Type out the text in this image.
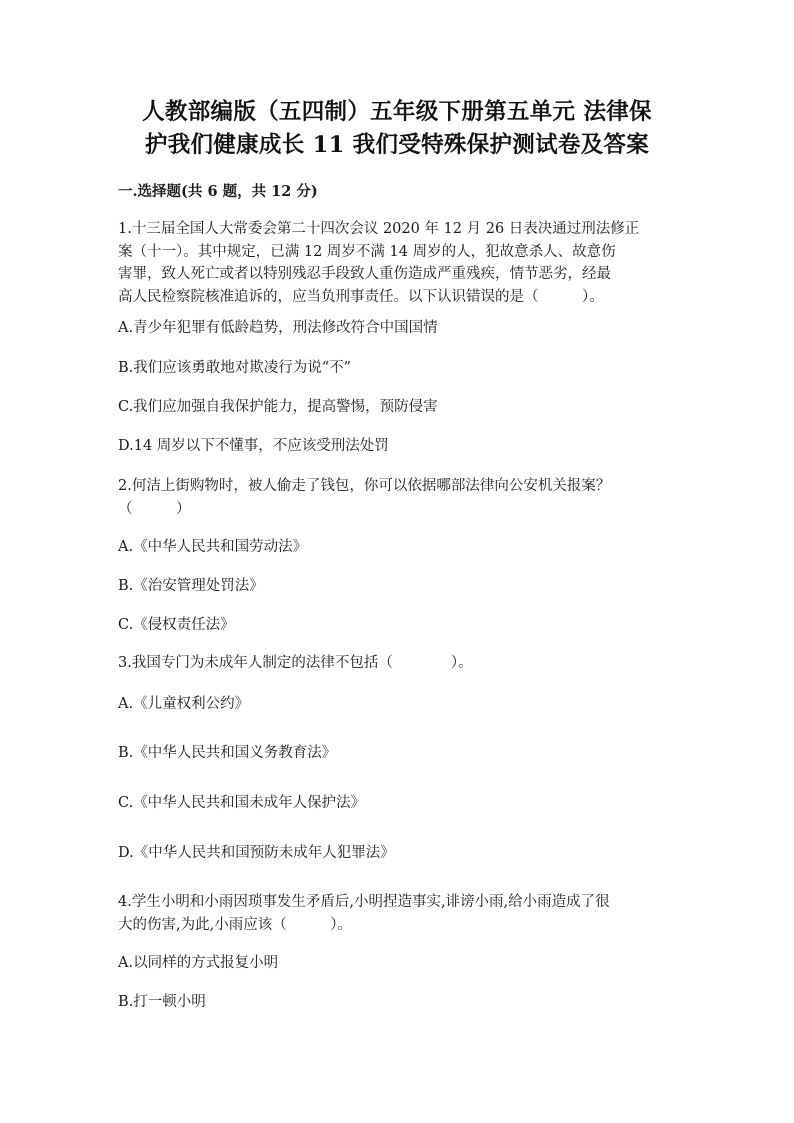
人教部编版（五四制）五年级下册第五单元 法律保
护我们健康成长 11 我们受特殊保护测试卷及答案
一.选择题(共 6 题，共 12 分)
1.十三届全国人大常委会第二十四次会议 2020 年 12 月 26 日表决通过刑法修正
案（十一）。其中规定，已满 12 周岁不满 14 周岁的人，犯故意杀人、故意伤
害罪，致人死亡或者以特别残忍手段致人重伤造成严重残疾，情节恶劣，经最
高人民检察院核准追诉的，应当负刑事责任。以下认识错误的是（　　　）。
A.青少年犯罪有低龄趋势，刑法修改符合中国国情
B.我们应该勇敢地对欺凌行为说“不”
C.我们应加强自我保护能力，提高警惕，预防侵害
D.14 周岁以下不懂事，不应该受刑法处罚
2.何洁上街购物时，被人偷走了钱包，你可以依据哪部法律向公安机关报案？
（　　　）
A.《中华人民共和国劳动法》
B.《治安管理处罚法》
C.《侵权责任法》
3.我国专门为未成年人制定的法律不包括（　　　　）。
A.《儿童权利公约》
B.《中华人民共和国义务教育法》
C.《中华人民共和国未成年人保护法》
D.《中华人民共和国预防未成年人犯罪法》
4.学生小明和小雨因琐事发生矛盾后,小明捏造事实,诽谤小雨,给小雨造成了很
大的伤害,为此,小雨应该（　　　）。
A.以同样的方式报复小明
B.打一顿小明
